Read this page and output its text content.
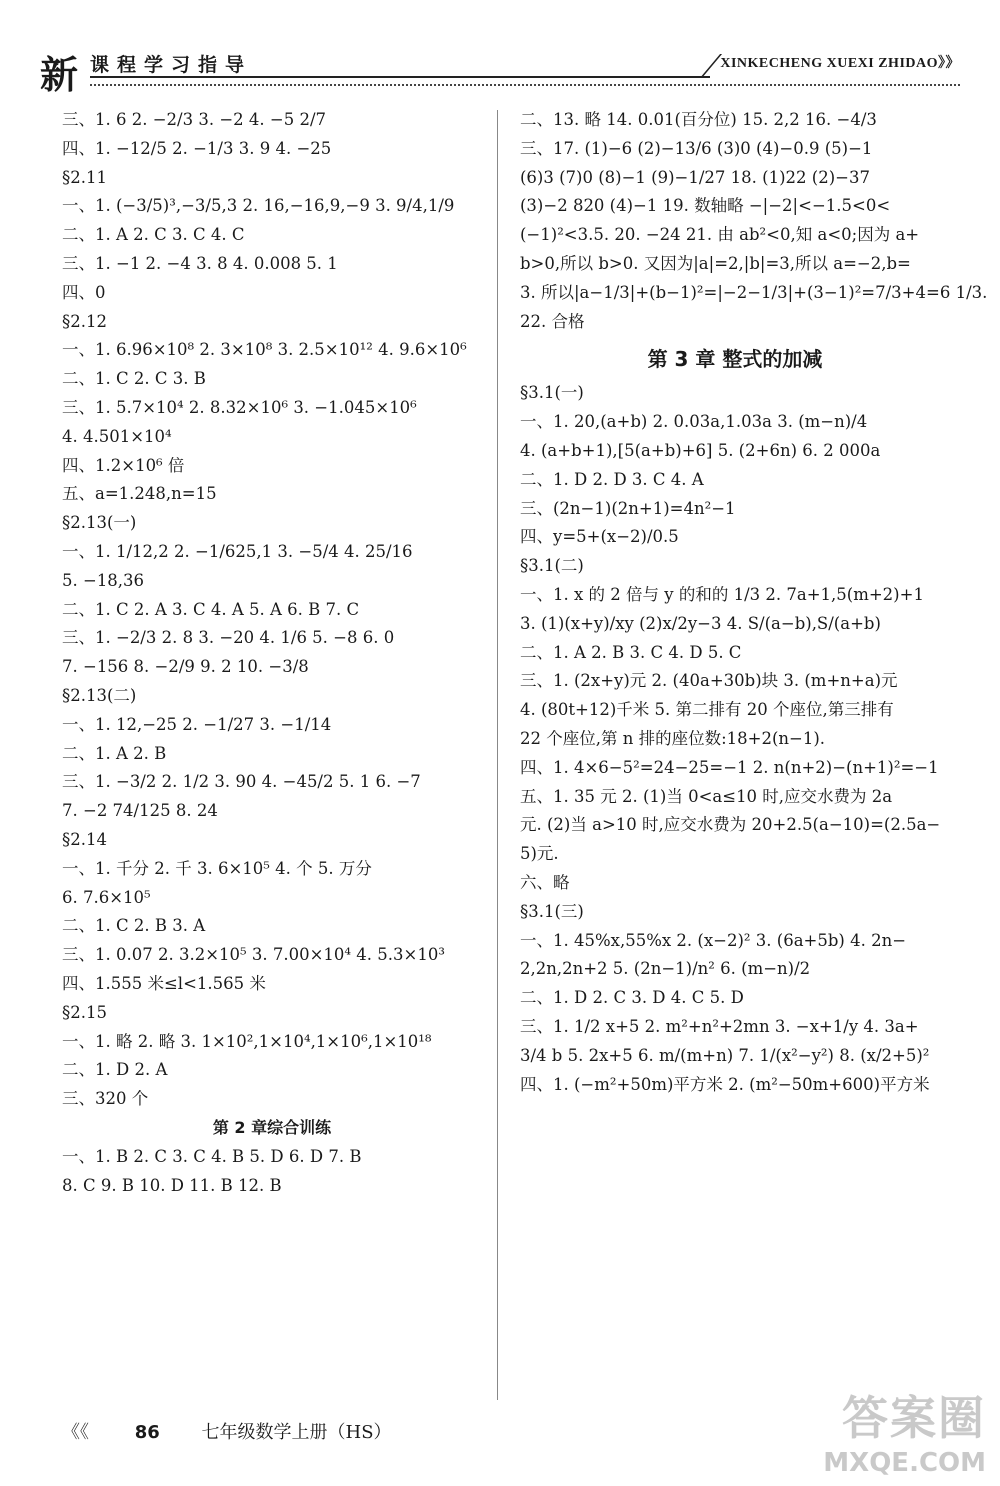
新 课程学习指导	XINKECHENG XUEXI ZHIDAO》》
三、1. 6 2. −2/3 3. −2 4. −5 2/7
四、1. −12/5 2. −1/3 3. 9 4. −25
§2.11
一、1. (−3/5)³,−3/5,3 2. 16,−16,9,−9 3. 9/4,1/9
二、1. A 2. C 3. C 4. C
三、1. −1 2. −4 3. 8 4. 0.008 5. 1
四、0
§2.12
一、1. 6.96×10⁸ 2. 3×10⁸ 3. 2.5×10¹² 4. 9.6×10⁶
二、1. C 2. C 3. B
三、1. 5.7×10⁴ 2. 8.32×10⁶ 3. −1.045×10⁶
4. 4.501×10⁴
四、1.2×10⁶ 倍
五、a=1.248,n=15
§2.13(一)
一、1. 1/12,2 2. −1/625,1 3. −5/4 4. 25/16
5. −18,36
二、1. C 2. A 3. C 4. A 5. A 6. B 7. C
三、1. −2/3 2. 8 3. −20 4. 1/6 5. −8 6. 0
7. −156 8. −2/9 9. 2 10. −3/8
§2.13(二)
一、1. 12,−25 2. −1/27 3. −1/14
二、1. A 2. B
三、1. −3/2 2. 1/2 3. 90 4. −45/2 5. 1 6. −7
7. −2 74/125 8. 24
§2.14
一、1. 千分 2. 千 3. 6×10⁵ 4. 个 5. 万分
6. 7.6×10⁵
二、1. C 2. B 3. A
三、1. 0.07 2. 3.2×10⁵ 3. 7.00×10⁴ 4. 5.3×10³
四、1.555 米≤l<1.565 米
§2.15
一、1. 略 2. 略 3. 1×10²,1×10⁴,1×10⁶,1×10¹⁸
二、1. D 2. A
三、320 个
第 2 章综合训练
一、1. B 2. C 3. C 4. B 5. D 6. D 7. B
8. C 9. B 10. D 11. B 12. B
二、13. 略 14. 0.01(百分位) 15. 2,2 16. −4/3
三、17. (1)−6 (2)−13/6 (3)0 (4)−0.9 (5)−1
(6)3 (7)0 (8)−1 (9)−1/27 18. (1)22 (2)−37
(3)−2 820 (4)−1 19. 数轴略 −|−2|<−1.5<0<
(−1)²<3.5. 20. −24 21. 由 ab²<0,知 a<0;因为 a+
b>0,所以 b>0. 又因为|a|=2,|b|=3,所以 a=−2,b=
3. 所以|a−1/3|+(b−1)²=|−2−1/3|+(3−1)²=7/3+4=6 1/3.
22. 合格
第 3 章 整式的加减
§3.1(一)
一、1. 20,(a+b) 2. 0.03a,1.03a 3. (m−n)/4
4. (a+b+1),[5(a+b)+6] 5. (2+6n) 6. 2 000a
二、1. D 2. D 3. C 4. A
三、(2n−1)(2n+1)=4n²−1
四、y=5+(x−2)/0.5
§3.1(二)
一、1. x 的 2 倍与 y 的和的 1/3 2. 7a+1,5(m+2)+1
3. (1)(x+y)/xy (2)x/2y−3 4. S/(a−b),S/(a+b)
二、1. A 2. B 3. C 4. D 5. C
三、1. (2x+y)元 2. (40a+30b)块 3. (m+n+a)元
4. (80t+12)千米 5. 第二排有 20 个座位,第三排有
22 个座位,第 n 排的座位数:18+2(n−1).
四、1. 4×6−5²=24−25=−1 2. n(n+2)−(n+1)²=−1
五、1. 35 元 2. (1)当 0<a≤10 时,应交水费为 2a
元. (2)当 a>10 时,应交水费为 20+2.5(a−10)=(2.5a−
5)元.
六、略
§3.1(三)
一、1. 45%x,55%x 2. (x−2)² 3. (6a+5b) 4. 2n−
2,2n,2n+2 5. (2n−1)/n² 6. (m−n)/2
二、1. D 2. C 3. D 4. C 5. D
三、1. 1/2 x+5 2. m²+n²+2mn 3. −x+1/y 4. 3a+
3/4 b 5. 2x+5 6. m/(m+n) 7. 1/(x²−y²) 8. (x/2+5)²
四、1. (−m²+50m)平方米 2. (m²−50m+600)平方米
《《	86 七年级数学上册（HS）	答案圈
MXQE.COM
